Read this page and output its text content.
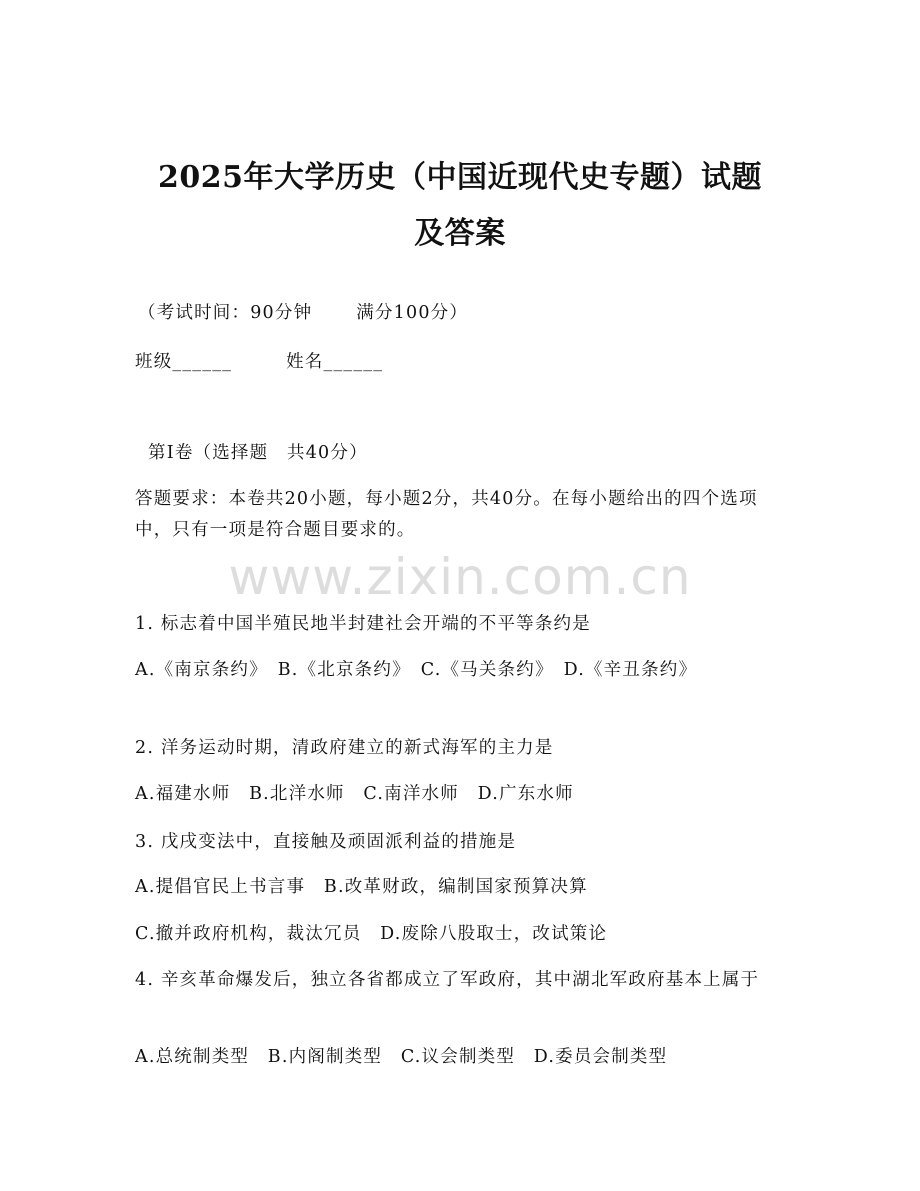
2025年大学历史（中国近现代史专题）试题
及答案
（考试时间：90分钟	满分100分）
班级______	姓名______
第Ⅰ卷（选择题　共40分）
答题要求：本卷共20小题，每小题2分，共40分。在每小题给出的四个选项中，只有一项是符合题目要求的。
www.zixin.com.cn
1. 标志着中国半殖民地半封建社会开端的不平等条约是
A.《南京条约》　B.《北京条约》　C.《马关条约》　D.《辛丑条约》
2. 洋务运动时期，清政府建立的新式海军的主力是
A.福建水师　B.北洋水师　C.南洋水师　D.广东水师
3. 戊戌变法中，直接触及顽固派利益的措施是
A.提倡官民上书言事　B.改革财政，编制国家预算决算
C.撤并政府机构，裁汰冗员　D.废除八股取士，改试策论
4. 辛亥革命爆发后，独立各省都成立了军政府，其中湖北军政府基本上属于
A.总统制类型　B.内阁制类型　C.议会制类型　D.委员会制类型
